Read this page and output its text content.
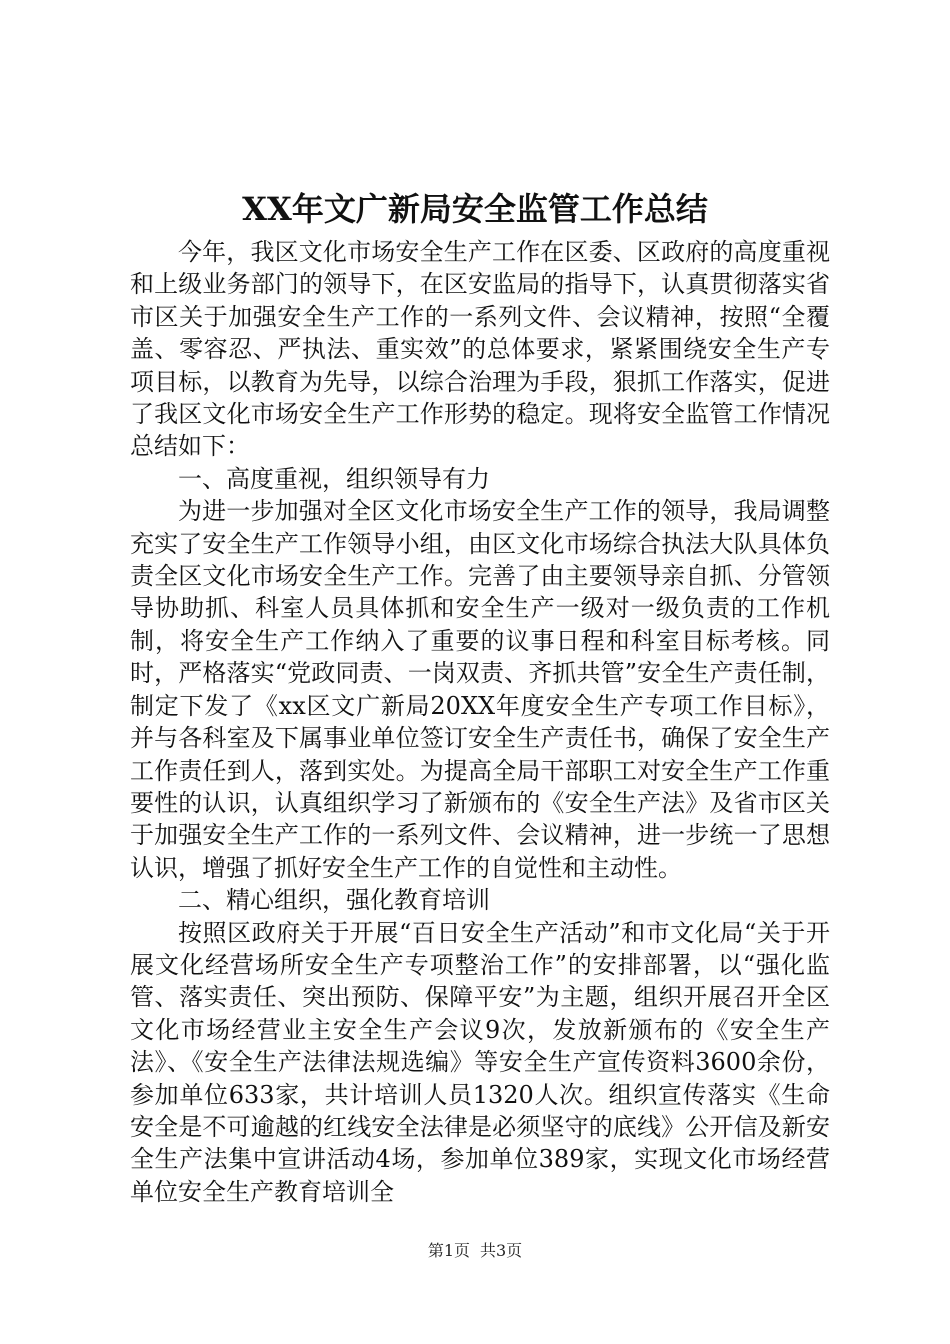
XX年文广新局安全监管工作总结

今年，我区文化市场安全生产工作在区委、区政府的高度重视和上级业务部门的领导下，在区安监局的指导下，认真贯彻落实省市区关于加强安全生产工作的一系列文件、会议精神，按照“全覆盖、零容忍、严执法、重实效”的总体要求，紧紧围绕安全生产专项目标，以教育为先导，以综合治理为手段，狠抓工作落实，促进了我区文化市场安全生产工作形势的稳定。现将安全监管工作情况总结如下：

一、高度重视，组织领导有力

为进一步加强对全区文化市场安全生产工作的领导，我局调整充实了安全生产工作领导小组，由区文化市场综合执法大队具体负责全区文化市场安全生产工作。完善了由主要领导亲自抓、分管领导协助抓、科室人员具体抓和安全生产一级对一级负责的工作机制，将安全生产工作纳入了重要的议事日程和科室目标考核。同时，严格落实“党政同责、一岗双责、齐抓共管”安全生产责任制，制定下发了《xx区文广新局20XX年度安全生产专项工作目标》，并与各科室及下属事业单位签订安全生产责任书，确保了安全生产工作责任到人，落到实处。为提高全局干部职工对安全生产工作重要性的认识，认真组织学习了新颁布的《安全生产法》及省市区关于加强安全生产工作的一系列文件、会议精神，进一步统一了思想认识，增强了抓好安全生产工作的自觉性和主动性。

二、精心组织，强化教育培训

按照区政府关于开展“百日安全生产活动”和市文化局“关于开展文化经营场所安全生产专项整治工作”的安排部署，以“强化监管、落实责任、突出预防、保障平安”为主题，组织开展召开全区文化市场经营业主安全生产会议9次，发放新颁布的《安全生产法》、《安全生产法律法规选编》等安全生产宣传资料3600余份，参加单位633家，共计培训人员1320人次。组织宣传落实《生命安全是不可逾越的红线安全法律是必须坚守的底线》公开信及新安全生产法集中宣讲活动4场，参加单位389家，实现文化市场经营单位安全生产教育培训全

第1页 共3页
